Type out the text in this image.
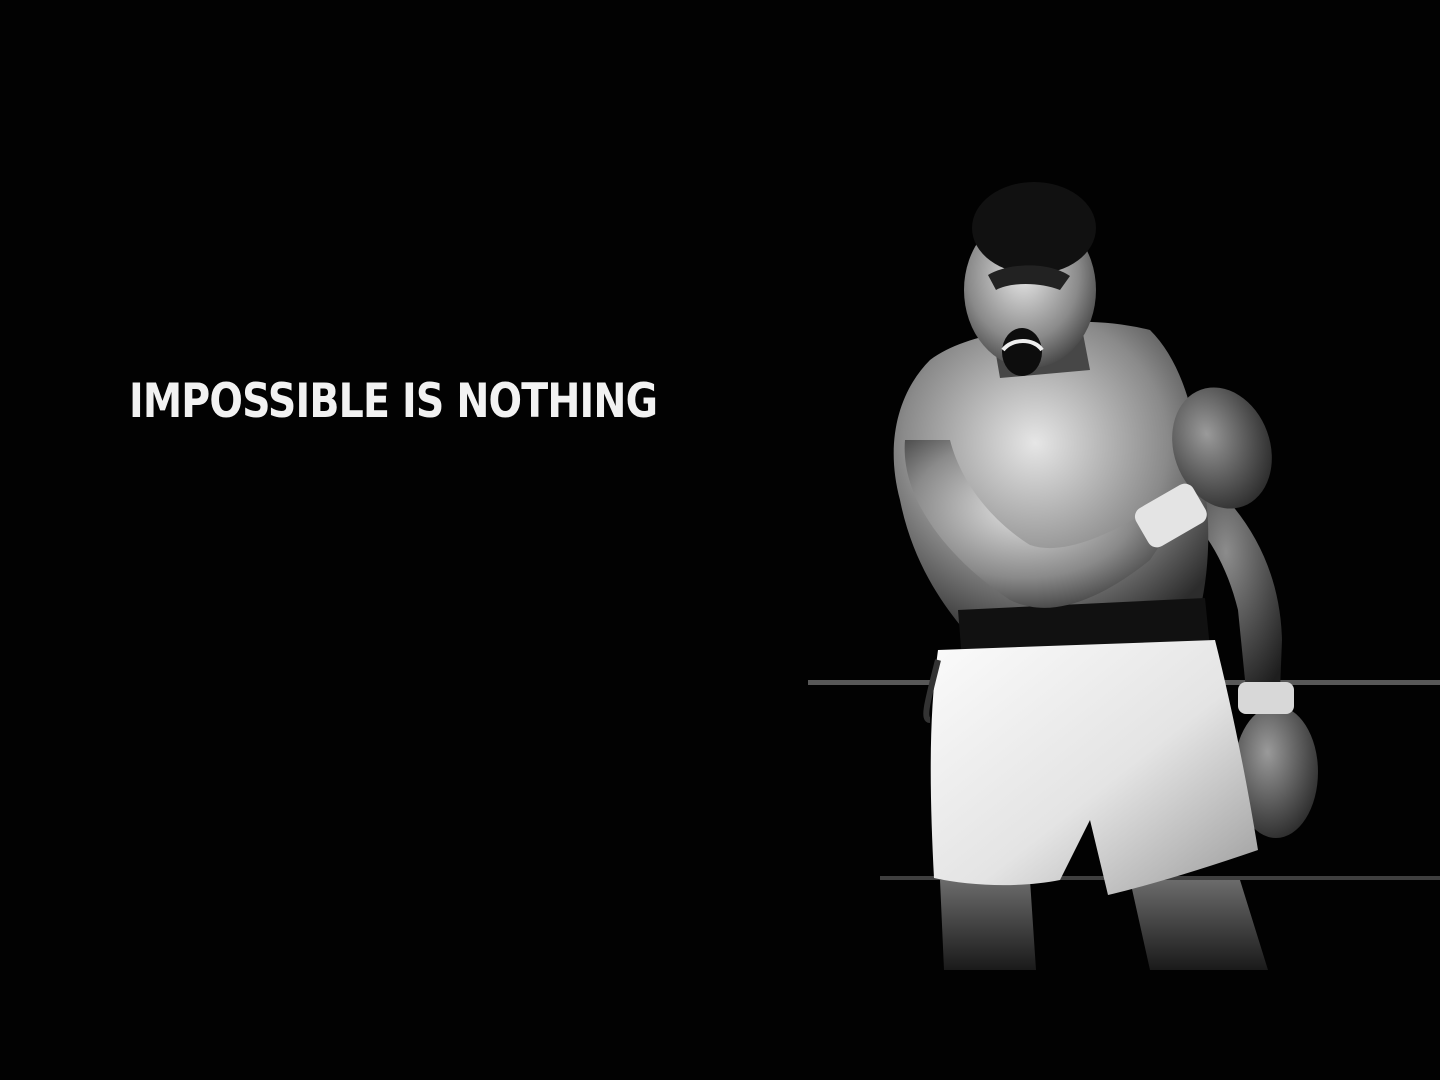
IMPOSSIBLE IS NOTHING
